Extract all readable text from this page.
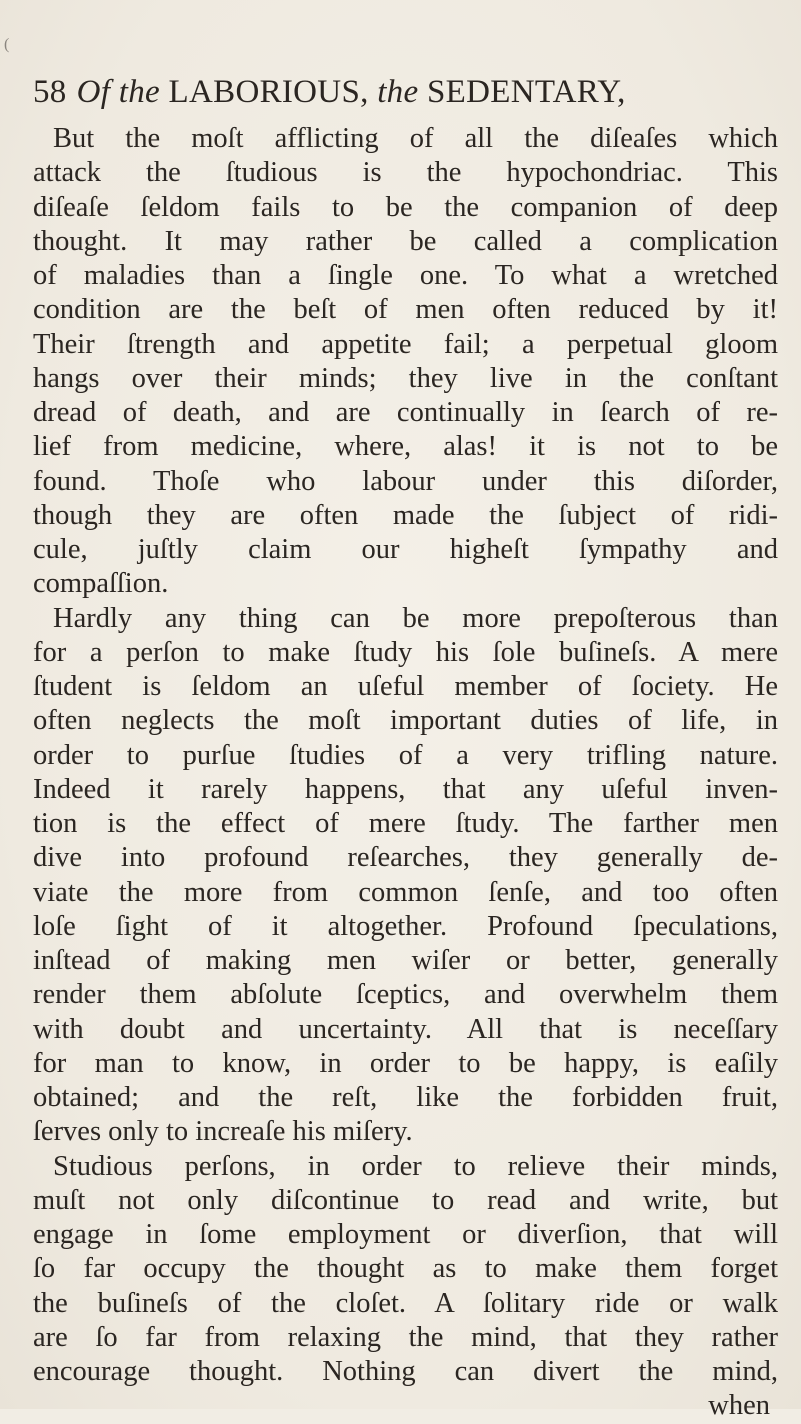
(
58 Of the LABORIOUS, the SEDENTARY,
But the moſt afflicting of all the diſeaſes which
attack the ſtudious is the hypochondriac. This
diſeaſe ſeldom fails to be the companion of deep
thought. It may rather be called a complication
of maladies than a ſingle one. To what a wretched
condition are the beſt of men often reduced by it!
Their ſtrength and appetite fail; a perpetual gloom
hangs over their minds; they live in the conſtant
dread of death, and are continually in ſearch of re-
lief from medicine, where, alas! it is not to be
found. Thoſe who labour under this diſorder,
though they are often made the ſubject of ridi-
cule, juſtly claim our higheſt ſympathy and
compaſſion.
Hardly any thing can be more prepoſterous than
for a perſon to make ſtudy his ſole buſineſs. A mere
ſtudent is ſeldom an uſeful member of ſociety. He
often neglects the moſt important duties of life, in
order to purſue ſtudies of a very trifling nature.
Indeed it rarely happens, that any uſeful inven-
tion is the effect of mere ſtudy. The farther men
dive into profound reſearches, they generally de-
viate the more from common ſenſe, and too often
loſe ſight of it altogether. Profound ſpeculations,
inſtead of making men wiſer or better, generally
render them abſolute ſceptics, and overwhelm them
with doubt and uncertainty. All that is neceſſary
for man to know, in order to be happy, is eaſily
obtained; and the reſt, like the forbidden fruit,
ſerves only to increaſe his miſery.
Studious perſons, in order to relieve their minds,
muſt not only diſcontinue to read and write, but
engage in ſome employment or diverſion, that will
ſo far occupy the thought as to make them forget
the buſineſs of the cloſet. A ſolitary ride or walk
are ſo far from relaxing the mind, that they rather
encourage thought. Nothing can divert the mind,
when
